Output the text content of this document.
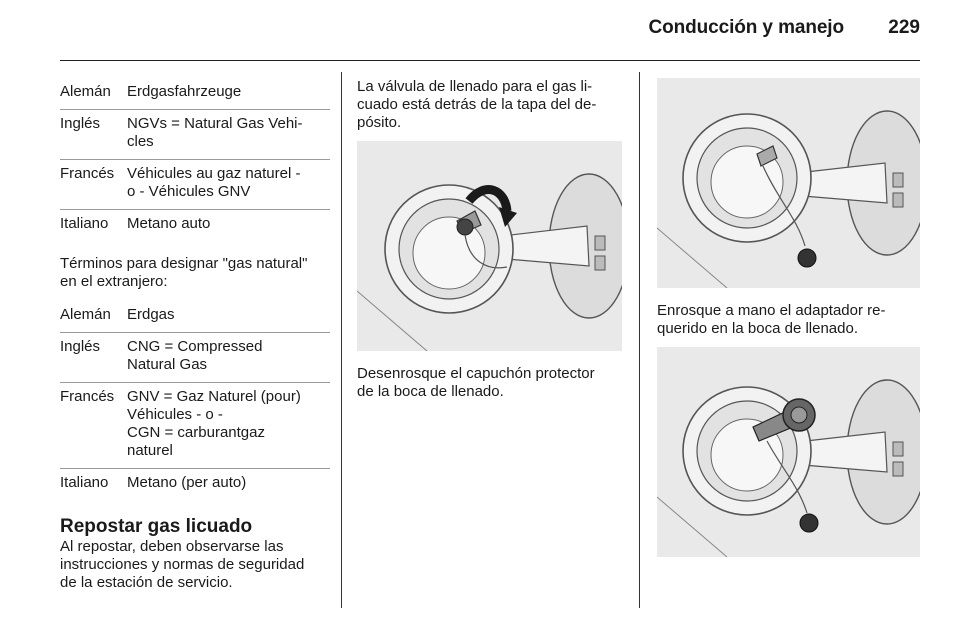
Conducción y manejo	229
Alemán	Erdgasfahrzeuge
Inglés	NGVs = Natural Gas Vehi-
cles
Francés Véhicules au gaz naturel -
o - Véhicules GNV
Italiano	Metano auto

Términos para designar "gas natural"
en el extranjero:

Alemán	Erdgas
Inglés	CNG = Compressed
Natural Gas
Francés GNV = Gaz Naturel (pour)
Véhicules - o -
CGN = carburantgaz
naturel
Italiano	Metano (per auto)
Repostar gas licuado

Al repostar, deben observarse las
instrucciones y normas de seguridad
de la estación de servicio.

La válvula de llenado para el gas li-
cuado está detrás de la tapa del de-
pósito.

Desenrosque el capuchón protector
de la boca de llenado.

Enrosque a mano el adaptador re-
querido en la boca de llenado.
